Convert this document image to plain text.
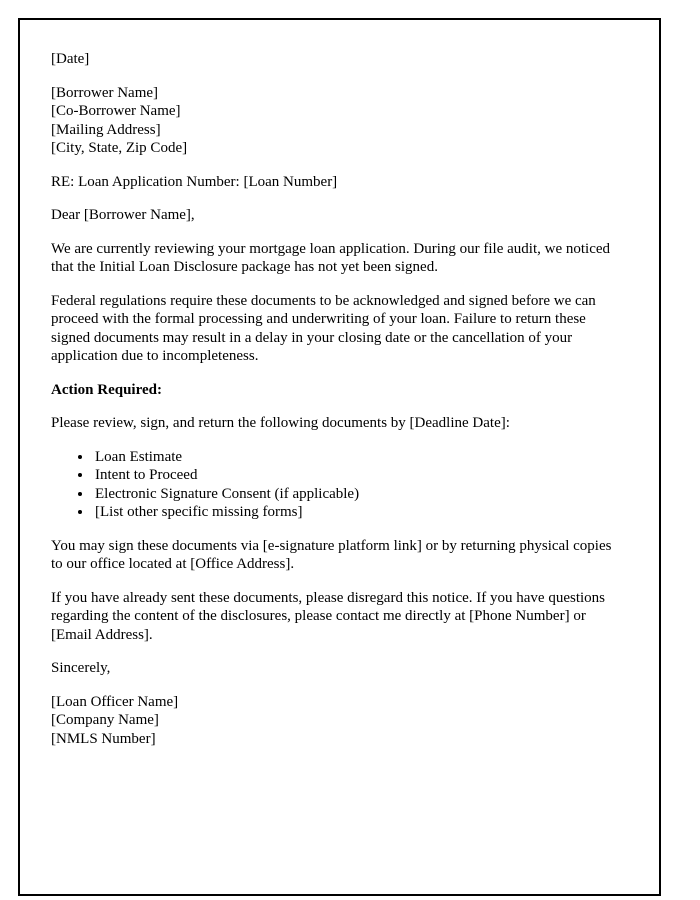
[Date]

[Borrower Name]
[Co-Borrower Name]
[Mailing Address]
[City, State, Zip Code]

RE: Loan Application Number: [Loan Number]

Dear [Borrower Name],

We are currently reviewing your mortgage loan application. During our file audit, we noticed that the Initial Loan Disclosure package has not yet been signed.

Federal regulations require these documents to be acknowledged and signed before we can proceed with the formal processing and underwriting of your loan. Failure to return these signed documents may result in a delay in your closing date or the cancellation of your application due to incompleteness.

Action Required:

Please review, sign, and return the following documents by [Deadline Date]:

• Loan Estimate
• Intent to Proceed
• Electronic Signature Consent (if applicable)
• [List other specific missing forms]

You may sign these documents via [e-signature platform link] or by returning physical copies to our office located at [Office Address].

If you have already sent these documents, please disregard this notice. If you have questions regarding the content of the disclosures, please contact me directly at [Phone Number] or [Email Address].

Sincerely,

[Loan Officer Name]
[Company Name]
[NMLS Number]
